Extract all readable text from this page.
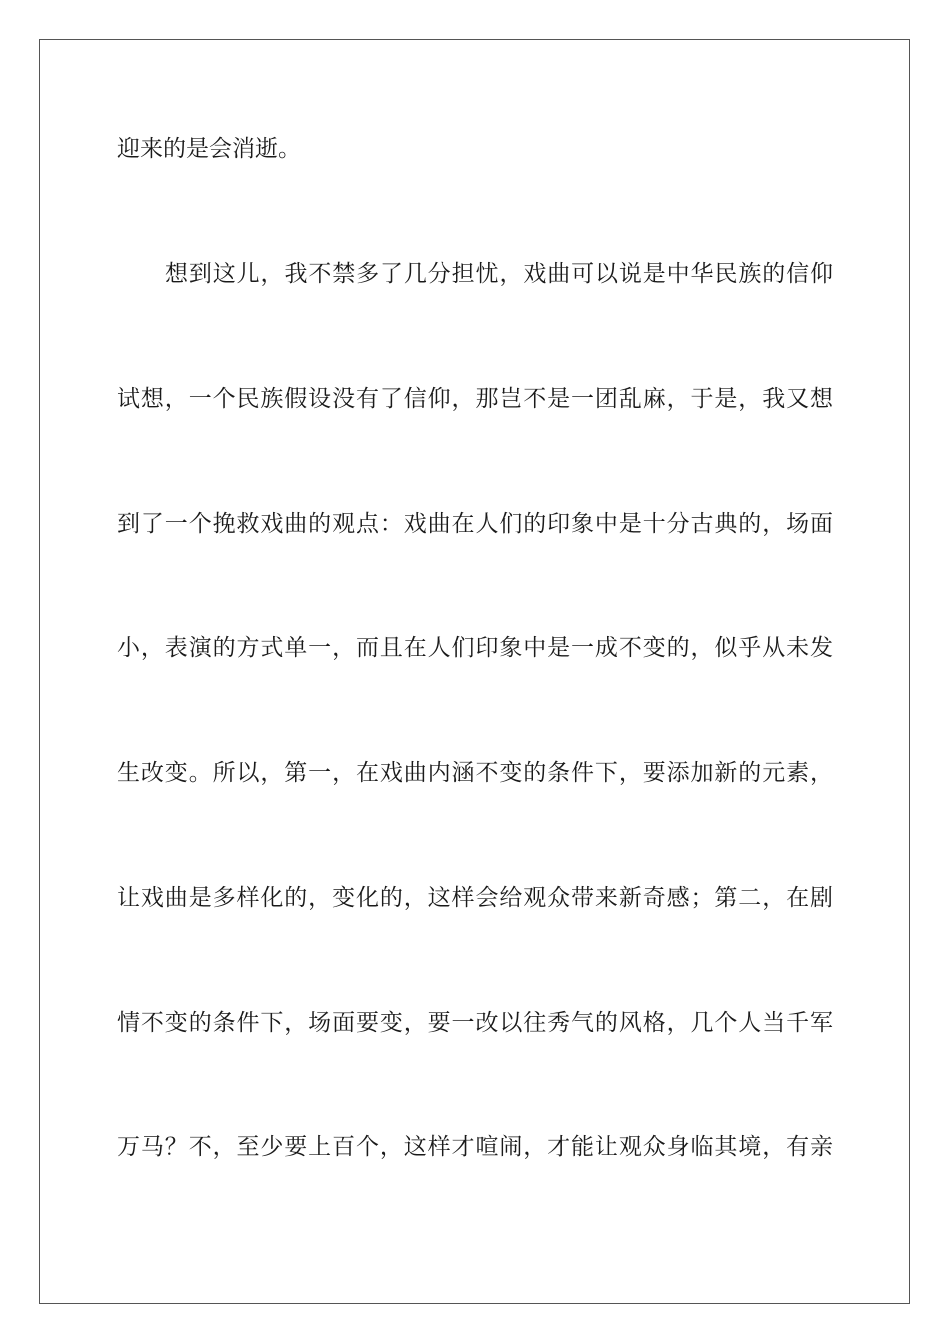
迎来的是会消逝。
想到这儿，我不禁多了几分担忧，戏曲可以说是中华民族的信仰
试想，一个民族假设没有了信仰，那岂不是一团乱麻，于是，我又想
到了一个挽救戏曲的观点：戏曲在人们的印象中是十分古典的，场面
小，表演的方式单一，而且在人们印象中是一成不变的，似乎从未发
生改变。所以，第一，在戏曲内涵不变的条件下，要添加新的元素，
让戏曲是多样化的，变化的，这样会给观众带来新奇感；第二，在剧
情不变的条件下，场面要变，要一改以往秀气的风格，几个人当千军
万马？不，至少要上百个，这样才喧闹，才能让观众身临其境，有亲
